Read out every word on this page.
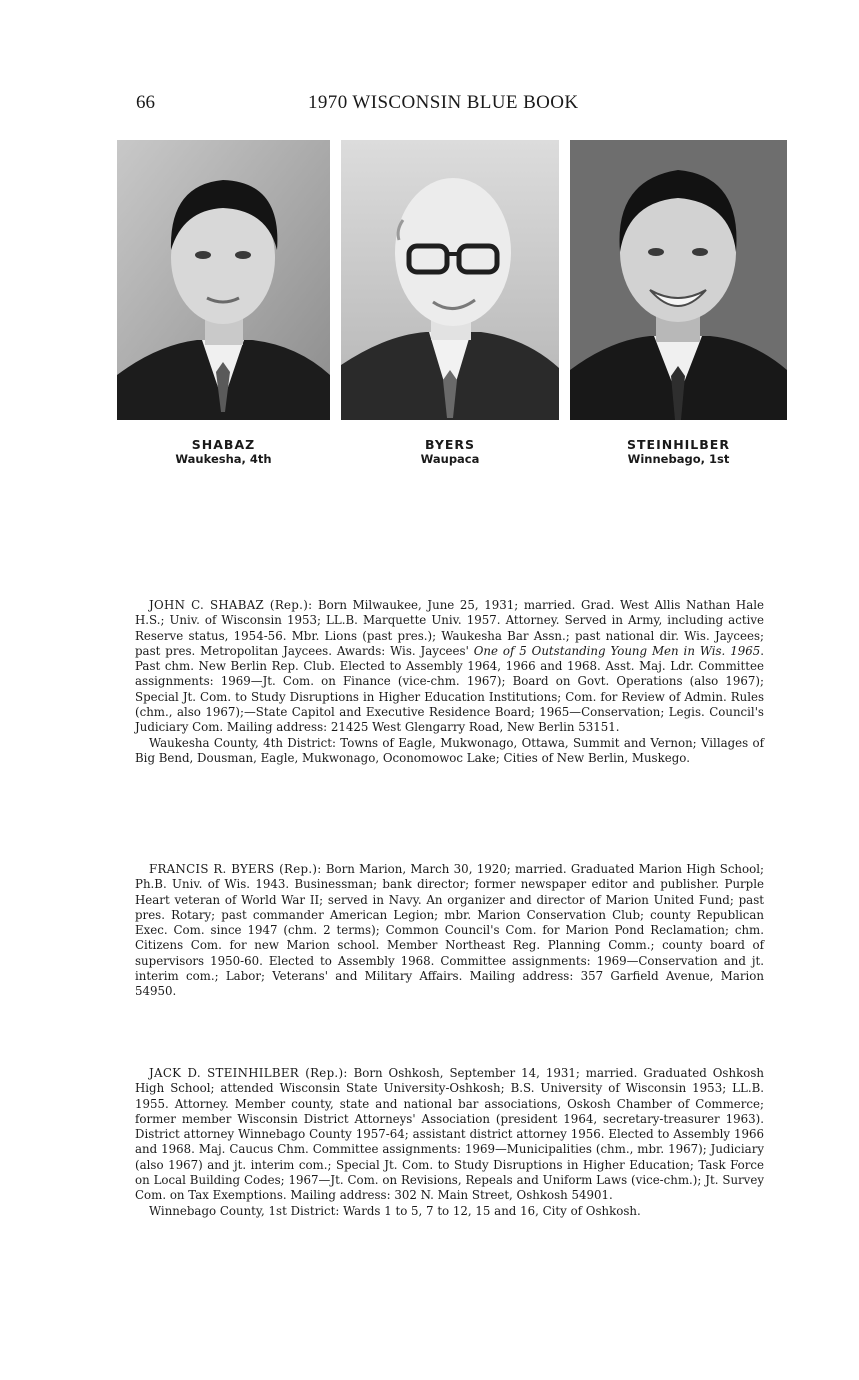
66	1970 WISCONSIN BLUE BOOK
SHABAZ
Waukesha, 4th
BYERS
Waupaca
STEINHILBER
Winnebago, 1st

JOHN C. SHABAZ (Rep.): Born Milwaukee, June 25, 1931; married. Grad. West Allis Nathan Hale H.S.; Univ. of Wisconsin 1953; LL.B. Marquette Univ. 1957. Attorney. Served in Army, including active Reserve status, 1954-56. Mbr. Lions (past pres.); Waukesha Bar Assn.; past national dir. Wis. Jaycees; past pres. Metropolitan Jaycees. Awards: Wis. Jaycees' One of 5 Outstanding Young Men in Wis. 1965. Past chm. New Berlin Rep. Club. Elected to Assembly 1964, 1966 and 1968. Asst. Maj. Ldr. Committee assignments: 1969—Jt. Com. on Finance (vice-chm. 1967); Board on Govt. Operations (also 1967); Special Jt. Com. to Study Disruptions in Higher Education Institutions; Com. for Review of Admin. Rules (chm., also 1967);—State Capitol and Executive Residence Board; 1965—Conservation; Legis. Council's Judiciary Com. Mailing address: 21425 West Glengarry Road, New Berlin 53151.

Waukesha County, 4th District: Towns of Eagle, Mukwonago, Ottawa, Summit and Vernon; Villages of Big Bend, Dousman, Eagle, Mukwonago, Oconomowoc Lake; Cities of New Berlin, Muskego.

FRANCIS R. BYERS (Rep.): Born Marion, March 30, 1920; married. Graduated Marion High School; Ph.B. Univ. of Wis. 1943. Businessman; bank director; former newspaper editor and publisher. Purple Heart veteran of World War II; served in Navy. An organizer and director of Marion United Fund; past pres. Rotary; past commander American Legion; mbr. Marion Conservation Club; county Republican Exec. Com. since 1947 (chm. 2 terms); Common Council's Com. for Marion Pond Reclamation; chm. Citizens Com. for new Marion school. Member Northeast Reg. Planning Comm.; county board of supervisors 1950-60. Elected to Assembly 1968. Committee assignments: 1969—Conservation and jt. interim com.; Labor; Veterans' and Military Affairs. Mailing address: 357 Garfield Avenue, Marion 54950.

JACK D. STEINHILBER (Rep.): Born Oshkosh, September 14, 1931; married. Graduated Oshkosh High School; attended Wisconsin State University-Oshkosh; B.S. University of Wisconsin 1953; LL.B. 1955. Attorney. Member county, state and national bar associations, Oskosh Chamber of Commerce; former member Wisconsin District Attorneys' Association (president 1964, secretary-treasurer 1963). District attorney Winnebago County 1957-64; assistant district attorney 1956. Elected to Assembly 1966 and 1968. Maj. Caucus Chm. Committee assignments: 1969—Municipalities (chm., mbr. 1967); Judiciary (also 1967) and jt. interim com.; Special Jt. Com. to Study Disruptions in Higher Education; Task Force on Local Building Codes; 1967—Jt. Com. on Revisions, Repeals and Uniform Laws (vice-chm.); Jt. Survey Com. on Tax Exemptions. Mailing address: 302 N. Main Street, Oshkosh 54901.

Winnebago County, 1st District: Wards 1 to 5, 7 to 12, 15 and 16, City of Oshkosh.
